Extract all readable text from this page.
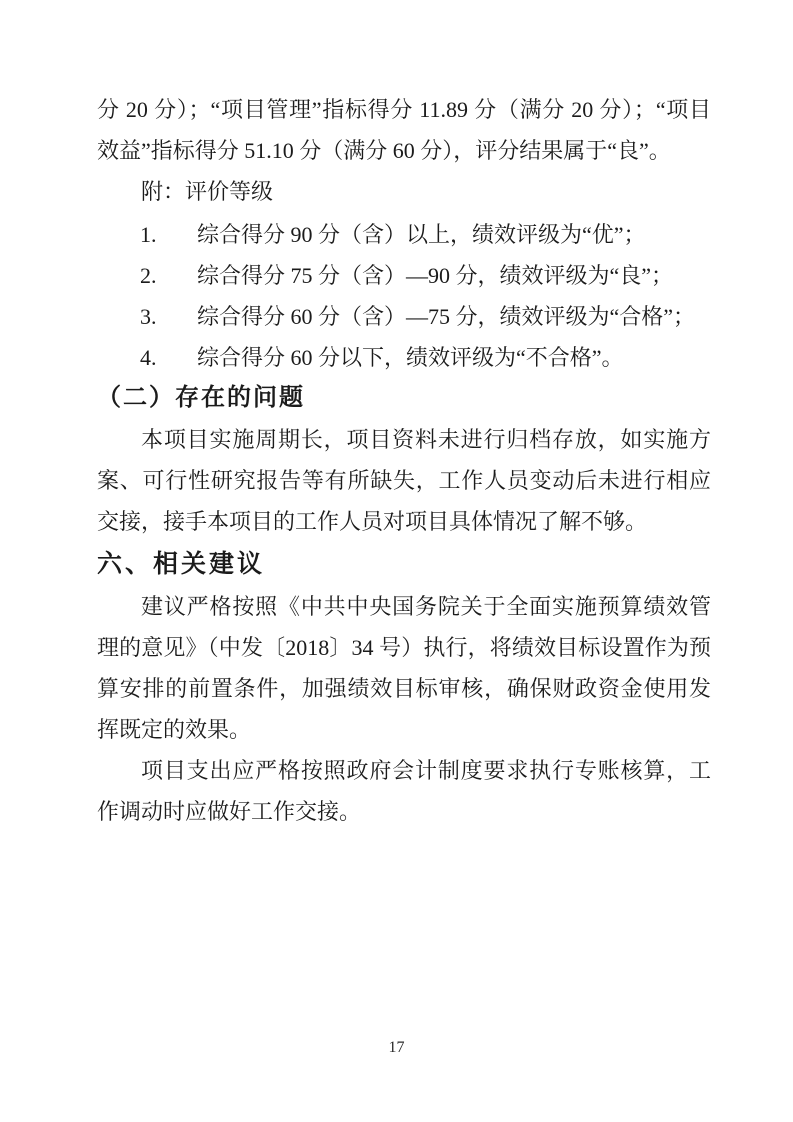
分 20 分）；“项目管理”指标得分 11.89 分（满分 20 分）；“项目效益”指标得分 51.10 分（满分 60 分），评分结果属于“良”。

附：评价等级

1. 综合得分 90 分（含）以上，绩效评级为“优”；

2. 综合得分 75 分（含）—90 分，绩效评级为“良”；

3. 综合得分 60 分（含）—75 分，绩效评级为“合格”；

4. 综合得分 60 分以下，绩效评级为“不合格”。

（二）存在的问题

本项目实施周期长，项目资料未进行归档存放，如实施方案、可行性研究报告等有所缺失，工作人员变动后未进行相应交接，接手本项目的工作人员对项目具体情况了解不够。

六、相关建议

建议严格按照《中共中央国务院关于全面实施预算绩效管理的意见》（中发〔2018〕34 号）执行，将绩效目标设置作为预算安排的前置条件，加强绩效目标审核，确保财政资金使用发挥既定的效果。

项目支出应严格按照政府会计制度要求执行专账核算，工作调动时应做好工作交接。

17
